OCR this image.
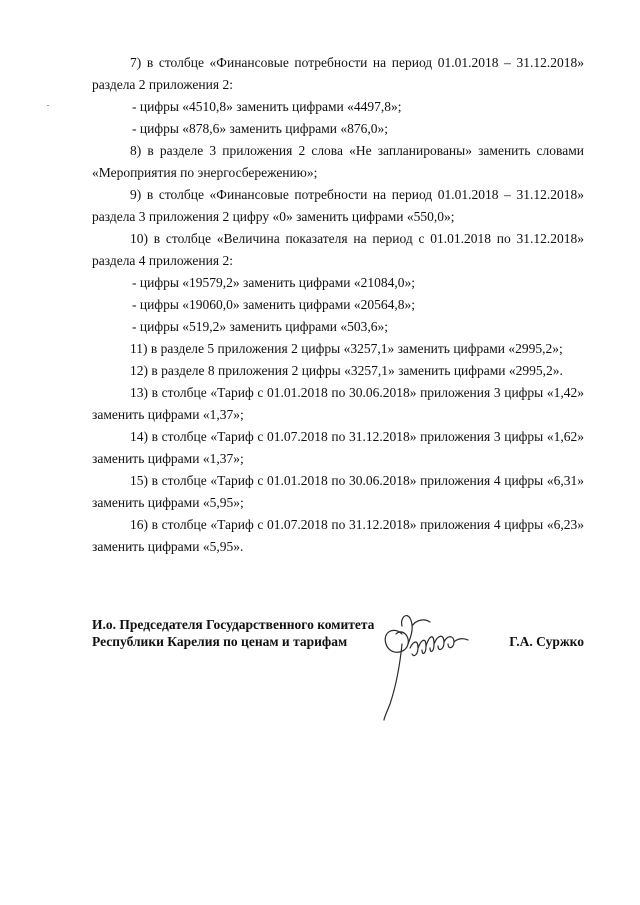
7) в столбце «Финансовые потребности на период 01.01.2018 – 31.12.2018»

раздела 2 приложения 2:

- цифры «4510,8» заменить цифрами «4497,8»;

- цифры «878,6» заменить цифрами «876,0»;

8) в разделе 3 приложения 2 слова «Не запланированы» заменить словами

«Мероприятия по энергосбережению»;

9) в столбце «Финансовые потребности на период 01.01.2018 – 31.12.2018»

раздела 3 приложения 2 цифру «0» заменить цифрами «550,0»;

10) в столбце «Величина показателя на период с 01.01.2018 по 31.12.2018»

раздела 4 приложения 2:

- цифры «19579,2» заменить цифрами «21084,0»;

- цифры «19060,0» заменить цифрами «20564,8»;

- цифры «519,2» заменить цифрами «503,6»;

11) в разделе 5 приложения 2 цифры «3257,1» заменить цифрами «2995,2»;

12) в разделе 8 приложения 2 цифры «3257,1» заменить цифрами «2995,2».

13) в столбце «Тариф с 01.01.2018 по 30.06.2018» приложения 3 цифры «1,42»

заменить цифрами «1,37»;

14) в столбце «Тариф с 01.07.2018 по 31.12.2018» приложения 3 цифры «1,62»

заменить цифрами «1,37»;

15) в столбце «Тариф с 01.01.2018 по 30.06.2018» приложения 4 цифры «6,31»

заменить цифрами «5,95»;

16) в столбце «Тариф с 01.07.2018 по 31.12.2018» приложения 4 цифры «6,23»

заменить цифрами «5,95».

И.о. Председателя Государственного комитета
Республики Карелия по ценам и тарифам	Г.А. Суржко
